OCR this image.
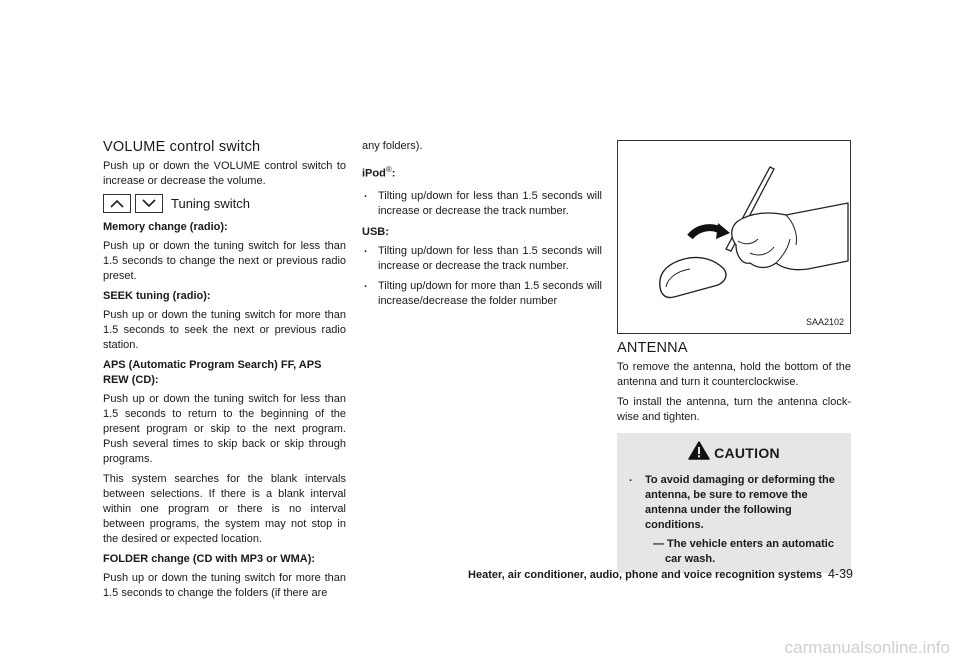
VOLUME control switch

Push up or down the VOLUME control switch to increase or decrease the volume.

Tuning switch
Memory change (radio):

Push up or down the tuning switch for less than 1.5 seconds to change the next or previous radio preset.

SEEK tuning (radio):

Push up or down the tuning switch for more than 1.5 seconds to seek the next or previous radio station.

APS (Automatic Program Search) FF, APS REW (CD):

Push up or down the tuning switch for less than 1.5 seconds to return to the beginning of the present program or skip to the next program. Push several times to skip back or skip through programs.

This system searches for the blank intervals between selections. If there is a blank interval within one program or there is no interval between programs, the system may not stop in the desired or expected location.

FOLDER change (CD with MP3 or WMA):

Push up or down the tuning switch for more than 1.5 seconds to change the folders (if there are

any folders).

iPod®:
. Tilting up/down for less than 1.5 seconds will increase or decrease the track number.
USB:
. Tilting up/down for less than 1.5 seconds will increase or decrease the track number.
. Tilting up/down for more than 1.5 seconds will increase/decrease the folder number
SAA2102
ANTENNA

To remove the antenna, hold the bottom of the antenna and turn it counterclockwise.

To install the antenna, turn the antenna clock-wise and tighten.

CAUTION
. To avoid damaging or deforming the antenna, be sure to remove the antenna under the following conditions.
— The vehicle enters an automatic car wash.
Heater, air conditioner, audio, phone and voice recognition systems 4-39
carmanualsonline.info
